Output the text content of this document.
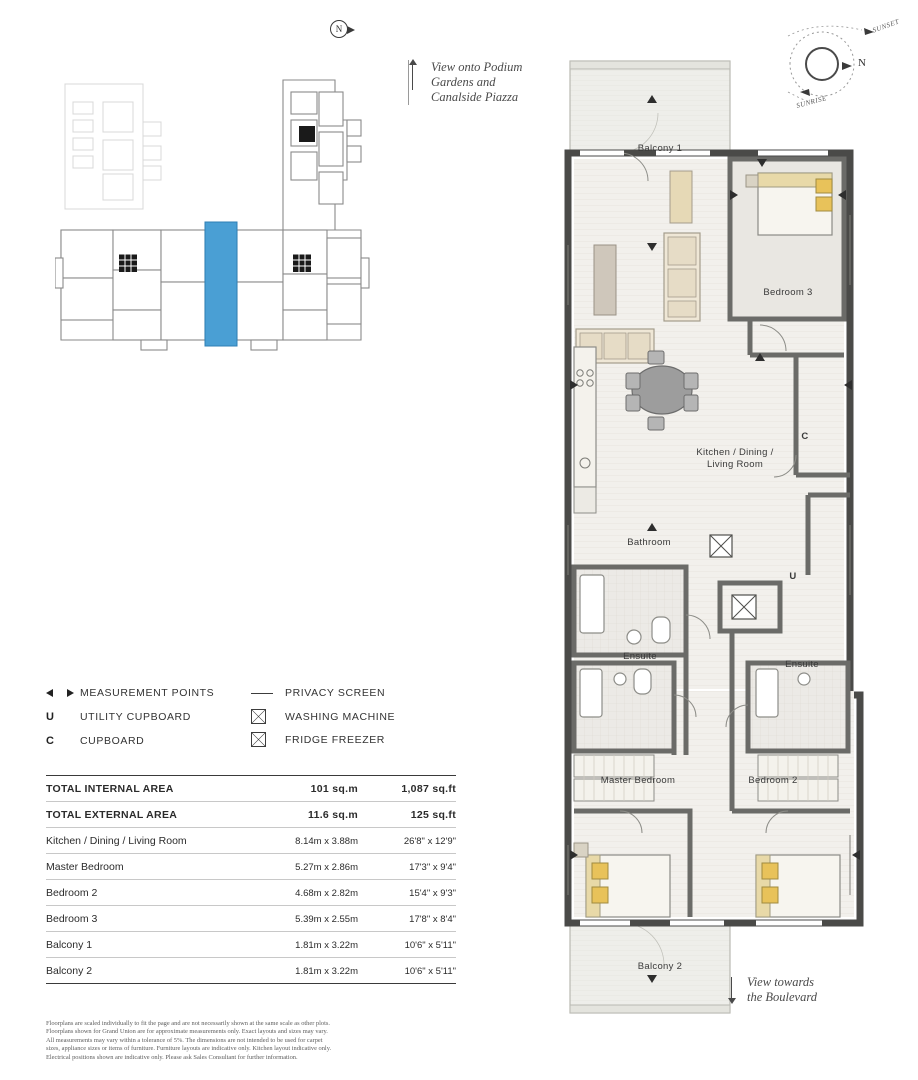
N
View onto Podium
Gardens and
Canalside Piazza
N
SUNSET
SUNRISE
MEASUREMENT POINTS
U UTILITY CUPBOARD
C CUPBOARD
PRIVACY SCREEN
WASHING MACHINE
FRIDGE FREEZER
TOTAL INTERNAL AREA	101 sq.m	1,087 sq.ft
TOTAL EXTERNAL AREA	11.6 sq.m	125 sq.ft
Kitchen / Dining / Living Room	8.14m x 3.88m	26'8" x 12'9"
Master Bedroom	5.27m x 2.86m	17'3" x 9'4"
Bedroom 2	4.68m x 2.82m	15'4" x 9'3"
Bedroom 3	5.39m x 2.55m	17'8" x 8'4"
Balcony 1	1.81m x 3.22m	10'6" x 5'11"
Balcony 2	1.81m x 3.22m	10'6" x 5'11"
Floorplans are scaled individually to fit the page and are not necessarily shown at the same scale as other plots.
Floorplans shown for Grand Union are for approximate measurements only. Exact layouts and sizes may vary.
All measurements may vary within a tolerance of 5%. The dimensions are not intended to be used for carpet
sizes, appliance sizes or items of furniture. Furniture layouts are indicative only. Kitchen layout indicative only.
Electrical positions shown are indicative only. Please ask Sales Consultant for further information.
Balcony 1
Bedroom 3
Kitchen / Dining /
Living Room
Bathroom
Ensuite
Ensuite
Master Bedroom	Bedroom 2
Balcony 2
C
U
View towards
the Boulevard
